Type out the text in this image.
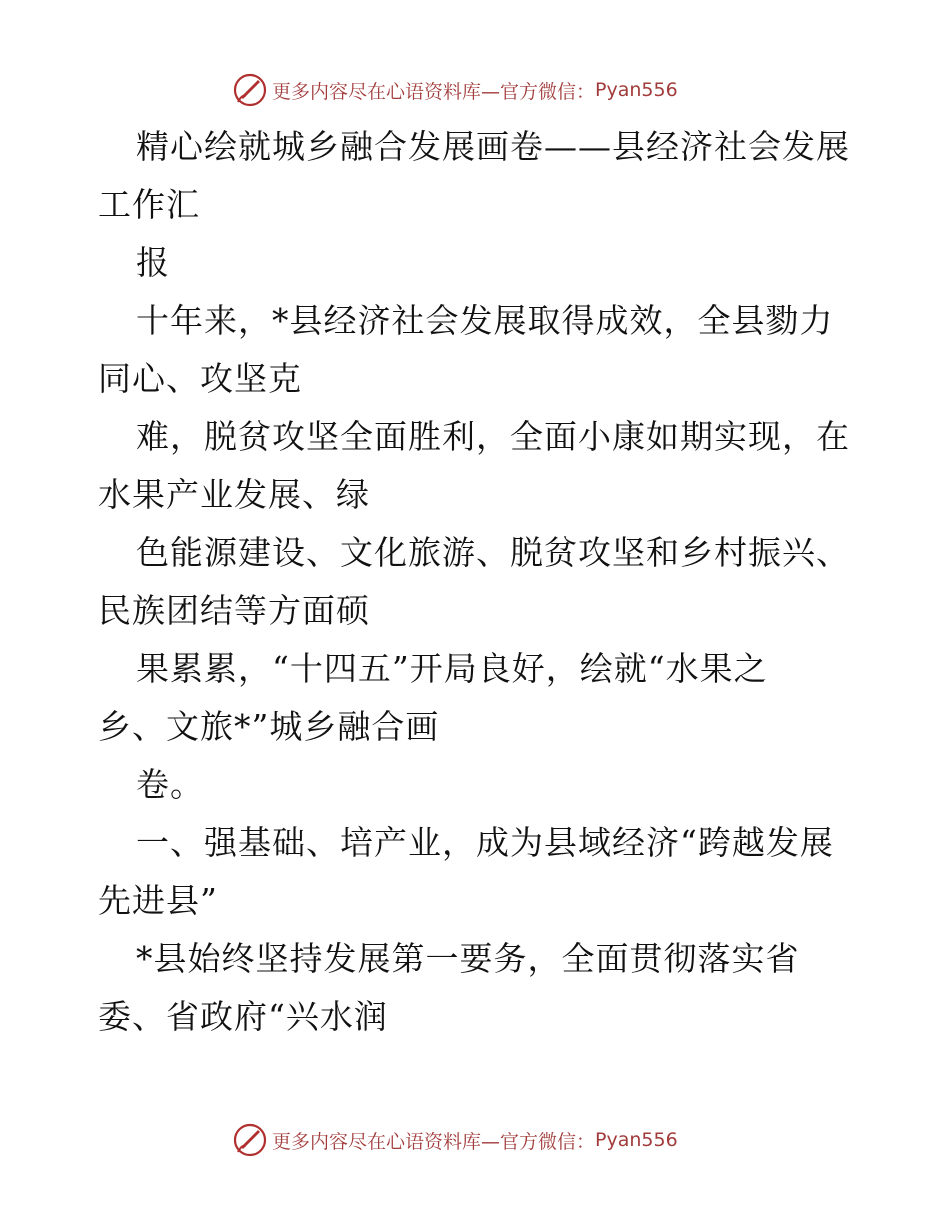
更多内容尽在心语资料库—官方微信： Pyan556
精心绘就城乡融合发展画卷——县经济社会发展
工作汇
报
十年来，*县经济社会发展取得成效，全县勠力
同心、攻坚克
难，脱贫攻坚全面胜利，全面小康如期实现，在
水果产业发展、绿
色能源建设、文化旅游、脱贫攻坚和乡村振兴、
民族团结等方面硕
果累累，“十四五”开局良好，绘就“水果之
乡、文旅*”城乡融合画
卷。
一、强基础、培产业，成为县域经济“跨越发展
先进县”
*县始终坚持发展第一要务，全面贯彻落实省
委、省政府“兴水润
更多内容尽在心语资料库—官方微信： Pyan556
